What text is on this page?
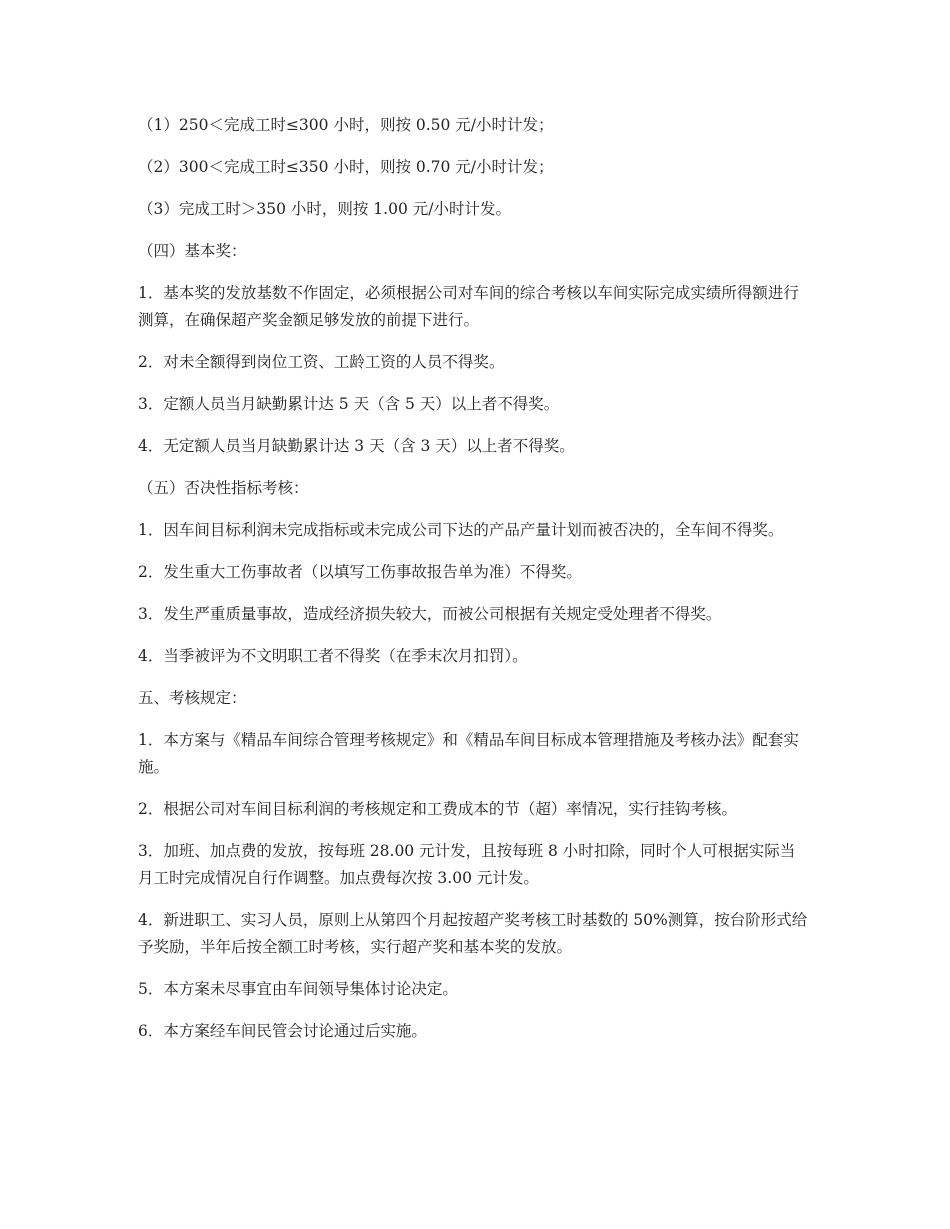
（1）250＜完成工时≤300 小时，则按 0.50 元/小时计发；

（2）300＜完成工时≤350 小时，则按 0.70 元/小时计发；

（3）完成工时＞350 小时，则按 1.00 元/小时计发。

（四）基本奖：

1．基本奖的发放基数不作固定，必须根据公司对车间的综合考核以车间实际完成实绩所得额进行测算，在确保超产奖金额足够发放的前提下进行。

2．对未全额得到岗位工资、工龄工资的人员不得奖。

3．定额人员当月缺勤累计达 5 天（含 5 天）以上者不得奖。

4．无定额人员当月缺勤累计达 3 天（含 3 天）以上者不得奖。

（五）否决性指标考核：

1．因车间目标利润未完成指标或未完成公司下达的产品产量计划而被否决的，全车间不得奖。

2．发生重大工伤事故者（以填写工伤事故报告单为准）不得奖。

3．发生严重质量事故，造成经济损失较大，而被公司根据有关规定受处理者不得奖。

4．当季被评为不文明职工者不得奖（在季末次月扣罚）。

五、考核规定：

1．本方案与《精品车间综合管理考核规定》和《精品车间目标成本管理措施及考核办法》配套实施。

2．根据公司对车间目标利润的考核规定和工费成本的节（超）率情况，实行挂钩考核。

3．加班、加点费的发放，按每班 28.00 元计发，且按每班 8 小时扣除，同时个人可根据实际当月工时完成情况自行作调整。加点费每次按 3.00 元计发。

4．新进职工、实习人员，原则上从第四个月起按超产奖考核工时基数的 50%测算，按台阶形式给予奖励，半年后按全额工时考核，实行超产奖和基本奖的发放。

5．本方案未尽事宜由车间领导集体讨论决定。

6．本方案经车间民管会讨论通过后实施。
